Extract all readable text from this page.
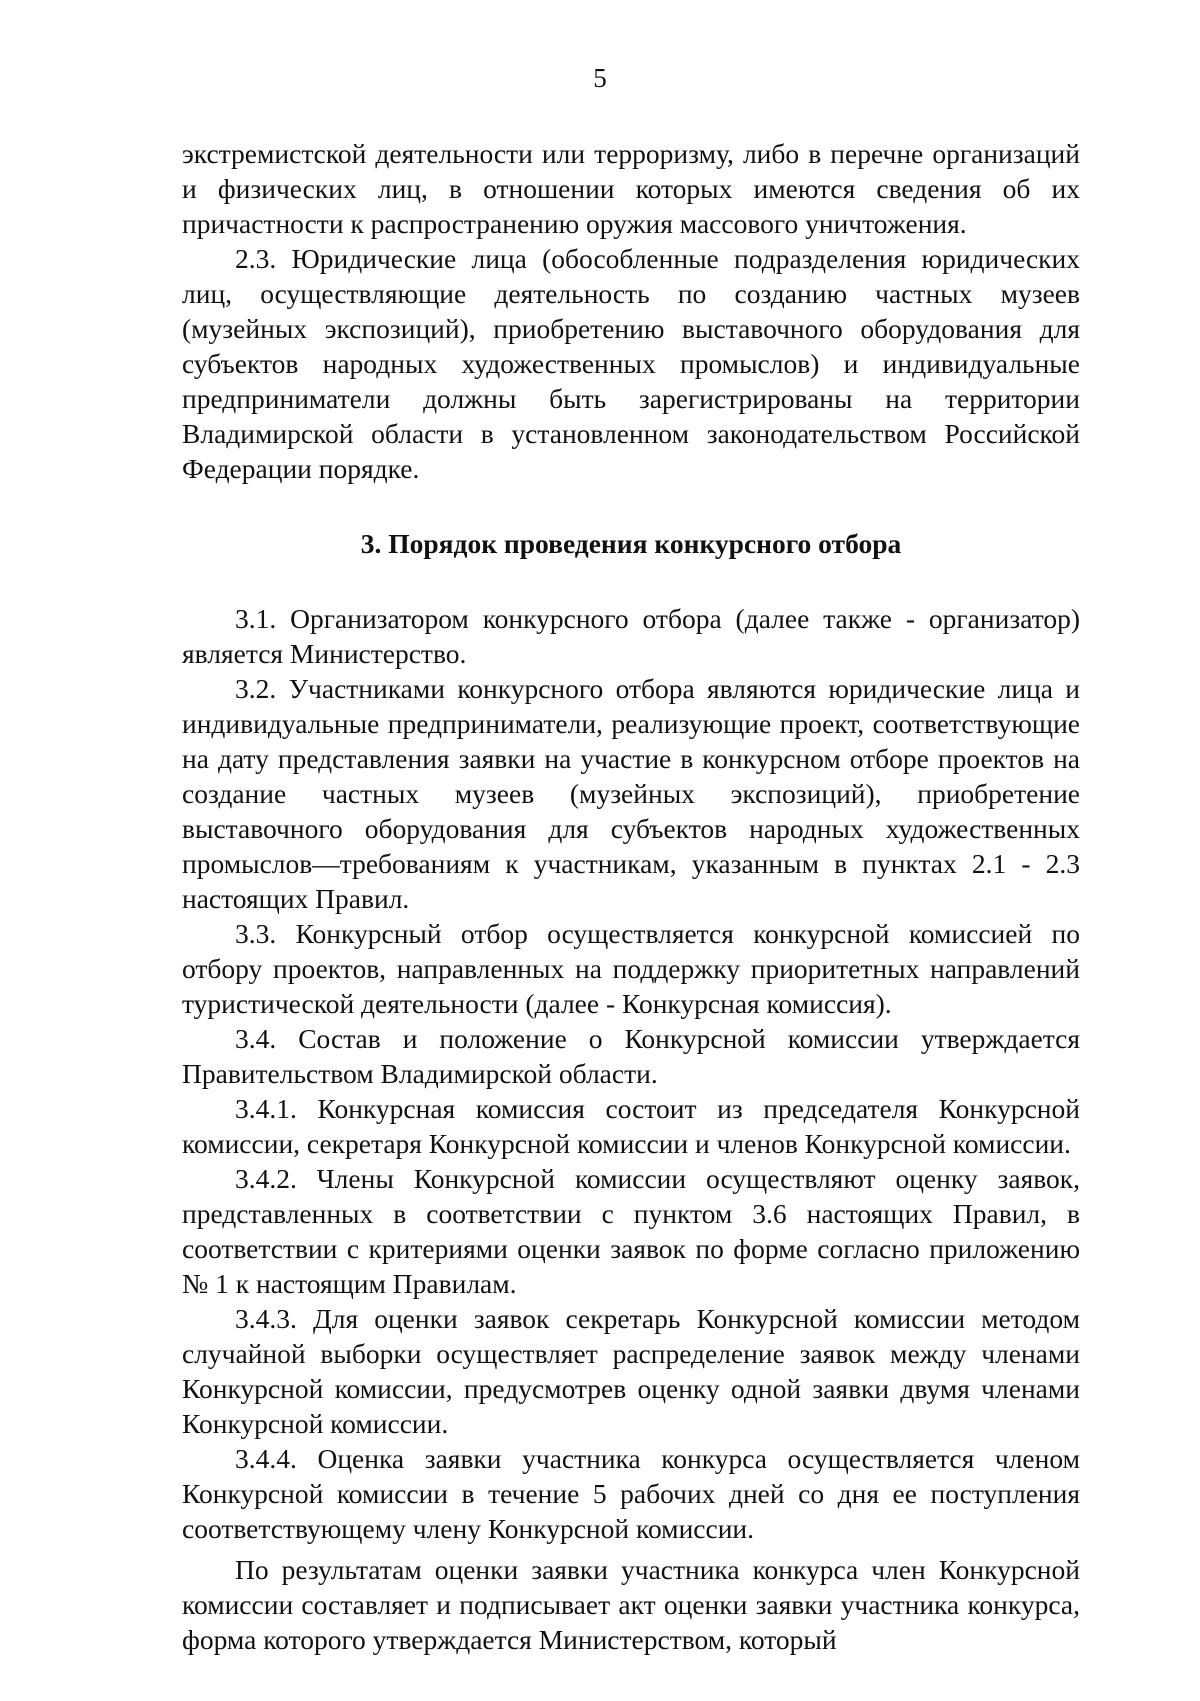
5

экстремистской деятельности или терроризму, либо в перечне организаций и физических лиц, в отношении которых имеются сведения об их причастности к распространению оружия массового уничтожения.

2.3. Юридические лица (обособленные подразделения юридических лиц, осуществляющие деятельность по созданию частных музеев (музейных экспозиций), приобретению выставочного оборудования для субъектов народных художественных промыслов) и индивидуальные предприниматели должны быть зарегистрированы на территории Владимирской области в установленном законодательством Российской Федерации порядке.

3. Порядок проведения конкурсного отбора

3.1. Организатором конкурсного отбора (далее также - организатор) является Министерство.

3.2. Участниками конкурсного отбора являются юридические лица и индивидуальные предприниматели, реализующие проект, соответствующие на дату представления заявки на участие в конкурсном отборе проектов на создание частных музеев (музейных экспозиций), приобретение выставочного оборудования для субъектов народных художественных промыслов—требованиям к участникам, указанным в пунктах 2.1 - 2.3 настоящих Правил.

3.3. Конкурсный отбор осуществляется конкурсной комиссией по отбору проектов, направленных на поддержку приоритетных направлений туристической деятельности (далее - Конкурсная комиссия).

3.4. Состав и положение о Конкурсной комиссии утверждается Правительством Владимирской области.

3.4.1. Конкурсная комиссия состоит из председателя Конкурсной комиссии, секретаря Конкурсной комиссии и членов Конкурсной комиссии.

3.4.2. Члены Конкурсной комиссии осуществляют оценку заявок, представленных в соответствии с пунктом 3.6 настоящих Правил, в соответствии с критериями оценки заявок по форме согласно приложению № 1 к настоящим Правилам.

3.4.3. Для оценки заявок секретарь Конкурсной комиссии методом случайной выборки осуществляет распределение заявок между членами Конкурсной комиссии, предусмотрев оценку одной заявки двумя членами Конкурсной комиссии.

3.4.4. Оценка заявки участника конкурса осуществляется членом Конкурсной комиссии в течение 5 рабочих дней со дня ее поступления соответствующему члену Конкурсной комиссии.

По результатам оценки заявки участника конкурса член Конкурсной комиссии составляет и подписывает акт оценки заявки участника конкурса, форма которого утверждается Министерством, который
